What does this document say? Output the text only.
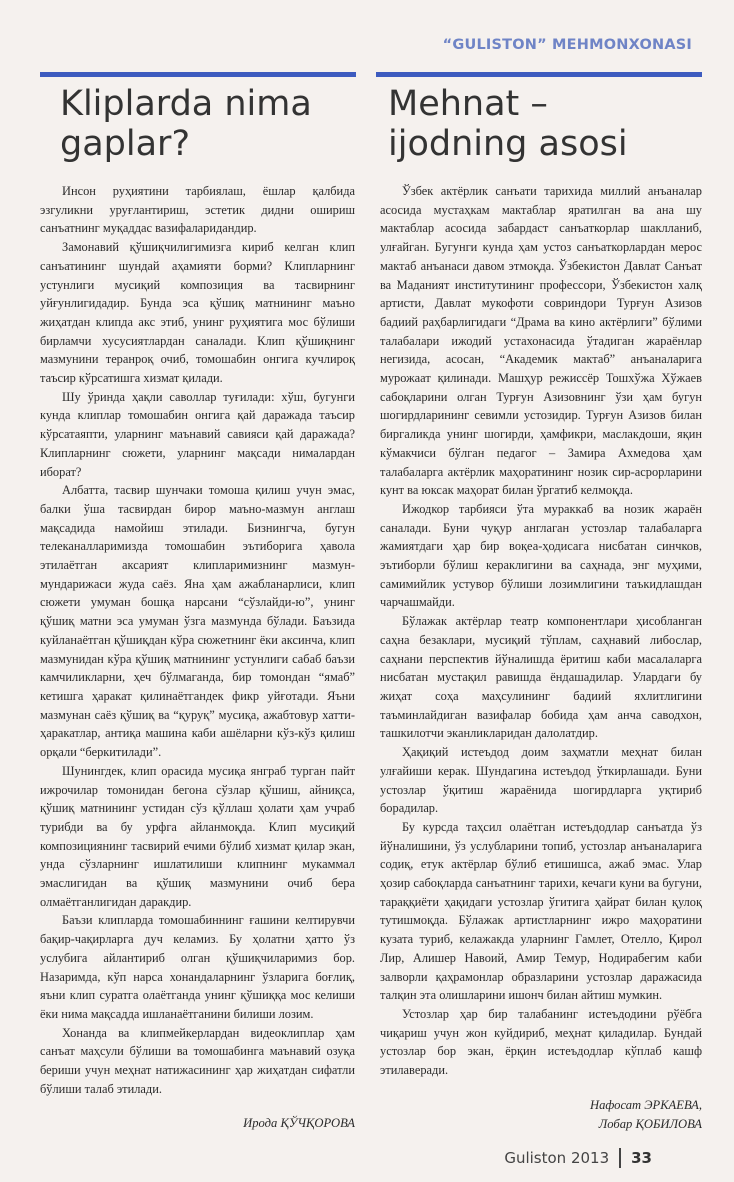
“GULISTON” MEHMONXONASI
Kliplarda nima
gaplar?

Инсон руҳиятини тарбиялаш, ёшлар қалбида эзгуликни уруғлантириш, эстетик дидни ошириш санъатнинг муқаддас вазифаларидандир.

Замонавий қўшиқчилигимизга кириб келган клип санъатининг шундай аҳамияти борми? Клипларнинг устунлиги мусиқий композиция ва тасвирнинг уйғунлигидадир. Бунда эса қўшиқ матнининг маъно жиҳатдан клипда акс этиб, унинг руҳиятига мос бўлиши бирламчи хусусиятлардан саналади. Клип қўшиқнинг мазмунини теранроқ очиб, томошабин онгига кучлироқ таъсир кўрсатишга хизмат қилади.

Шу ўринда ҳақли саволлар туғилади: хўш, бугунги кунда клиплар томошабин онгига қай даражада таъсир кўрсатаяпти, уларнинг маънавий савияси қай даражада? Клипларнинг сюжети, уларнинг мақсади нималардан иборат?

Албатта, тасвир шунчаки томоша қилиш учун эмас, балки ўша тасвирдан бирор маъно-мазмун англаш мақсадида намойиш этилади. Бизнингча, бугун телеканалларимизда томошабин эътиборига ҳавола этилаётган аксарият клипларимизнинг мазмун-мундарижаси жуда саёз. Яна ҳам ажабланарлиси, клип сюжети умуман бошқа нарсани “сўзлайди-ю”, унинг қўшиқ матни эса умуман ўзга мазмунда бўлади. Баъзида куйланаётган қўшиқдан кўра сюжетнинг ёки аксинча, клип мазмунидан кўра қўшиқ матнининг устунлиги сабаб баъзи камчиликларни, ҳеч бўлмаганда, бир томондан “ямаб” кетишга ҳаракат қилинаётгандек фикр уйғотади. Яъни мазмунан саёз қўшиқ ва “қуруқ” мусиқа, ажабтовур хатти-ҳаракатлар, антиқа машина каби ашёларни кўз-кўз қилиш орқали “беркитилади”.

Шунингдек, клип орасида мусиқа янграб турган пайт ижрочилар томонидан бегона сўзлар қўшиш, айниқса, қўшиқ матнининг устидан сўз қўллаш ҳолати ҳам учраб турибди ва бу урфга айланмоқда. Клип мусиқий композициянинг тасвирий ечими бўлиб хизмат қилар экан, унда сўзларнинг ишлатилиши клипнинг мукаммал эмаслигидан ва қўшиқ мазмунини очиб бера олмаётганлигидан даракдир.

Баъзи клипларда томошабиннинг ғашини келтирувчи бақир-чақирларга дуч келамиз. Бу ҳолатни ҳатто ўз услубига айлантириб олган қўшиқчиларимиз бор. Назаримда, кўп нарса хонандаларнинг ўзларига боғлиқ, яъни клип суратга олаётганда унинг қўшиққа мос келиши ёки нима мақсадда ишланаётганини билиши лозим.

Хонанда ва клипмейкерлардан видеоклиплар ҳам санъат маҳсули бўлиши ва томошабинга маънавий озуқа бериши учун меҳнат натижасининг ҳар жиҳатдан сифатли бўлиши талаб этилади.

Ирода ҚЎЧҚОРОВА
Mehnat –
ijodning asosi

Ўзбек актёрлик санъати тарихида миллий анъаналар асосида мустаҳкам мактаблар яратилган ва ана шу мактаблар асосида забардаст санъаткорлар шаклланиб, улғайган. Бугунги кунда ҳам устоз санъаткорлардан мерос мактаб анъанаси давом этмоқда. Ўзбекистон Давлат Санъат ва Маданият институтининг профессори, Ўзбекистон халқ артисти, Давлат мукофоти совриндори Турғун Азизов бадиий раҳбарлигидаги “Драма ва кино актёрлиги” бўлими талабалари ижодий устахонасида ўтадиган жараёнлар негизида, асосан, “Академик мактаб” анъаналарига мурожаат қилинади. Машҳур режиссёр Тошхўжа Хўжаев сабоқларини олган Турғун Азизовнинг ўзи ҳам бугун шогирдларининг севимли устозидир. Турғун Азизов билан биргаликда унинг шогирди, ҳамфикри, маслакдоши, яқин кўмакчиси бўлган педагог – Замира Ахмедова ҳам талабаларга актёрлик маҳоратининг нозик сир-асрорларини кунт ва юксак маҳорат билан ўргатиб келмоқда.

Ижодкор тарбияси ўта мураккаб ва нозик жараён саналади. Буни чуқур англаган устозлар талабаларга жамиятдаги ҳар бир воқеа-ҳодисага нисбатан синчков, эътиборли бўлиш кераклигини ва саҳнада, энг муҳими, самимийлик устувор бўлиши лозимлигини таъкидлашдан чарчашмайди.

Бўлажак актёрлар театр компонентлари ҳисобланган саҳна безаклари, мусиқий тўплам, саҳнавий либослар, саҳнани перспектив йўналишда ёритиш каби масалаларга нисбатан мустақил равишда ёндашадилар. Улардаги бу жиҳат соҳа маҳсулининг бадиий яхлитлигини таъминлайдиган вазифалар бобида ҳам анча саводхон, ташкилотчи эканликларидан далолатдир.

Ҳақиқий истеъдод доим заҳматли меҳнат билан улғайиши керак. Шундагина истеъдод ўткирлашади. Буни устозлар ўқитиш жараёнида шогирдларга уқтириб борадилар.

Бу курсда таҳсил олаётган истеъдодлар санъатда ўз йўналишини, ўз услубларини топиб, устозлар анъаналарига содиқ, етук актёрлар бўлиб етишишса, ажаб эмас. Улар ҳозир сабоқларда санъатнинг тарихи, кечаги куни ва бугуни, тараққиёти ҳақидаги устозлар ўгитига ҳайрат билан қулоқ тутишмоқда. Бўлажак артистларнинг ижро маҳоратини кузата туриб, келажакда уларнинг Гамлет, Отелло, Қирол Лир, Алишер Навоий, Амир Темур, Нодирабегим каби залворли қаҳрамонлар образларини устозлар даражасида талқин эта олишларини ишонч билан айтиш мумкин.

Устозлар ҳар бир талабанинг истеъдодини рўёбга чиқариш учун жон куйдириб, меҳнат қиладилар. Бундай устозлар бор экан, ёрқин истеъдодлар кўплаб кашф этилаверади.

Нафосат ЭРКАЕВА,
Лобар ҚОБИЛОВА
Guliston 2013 33
